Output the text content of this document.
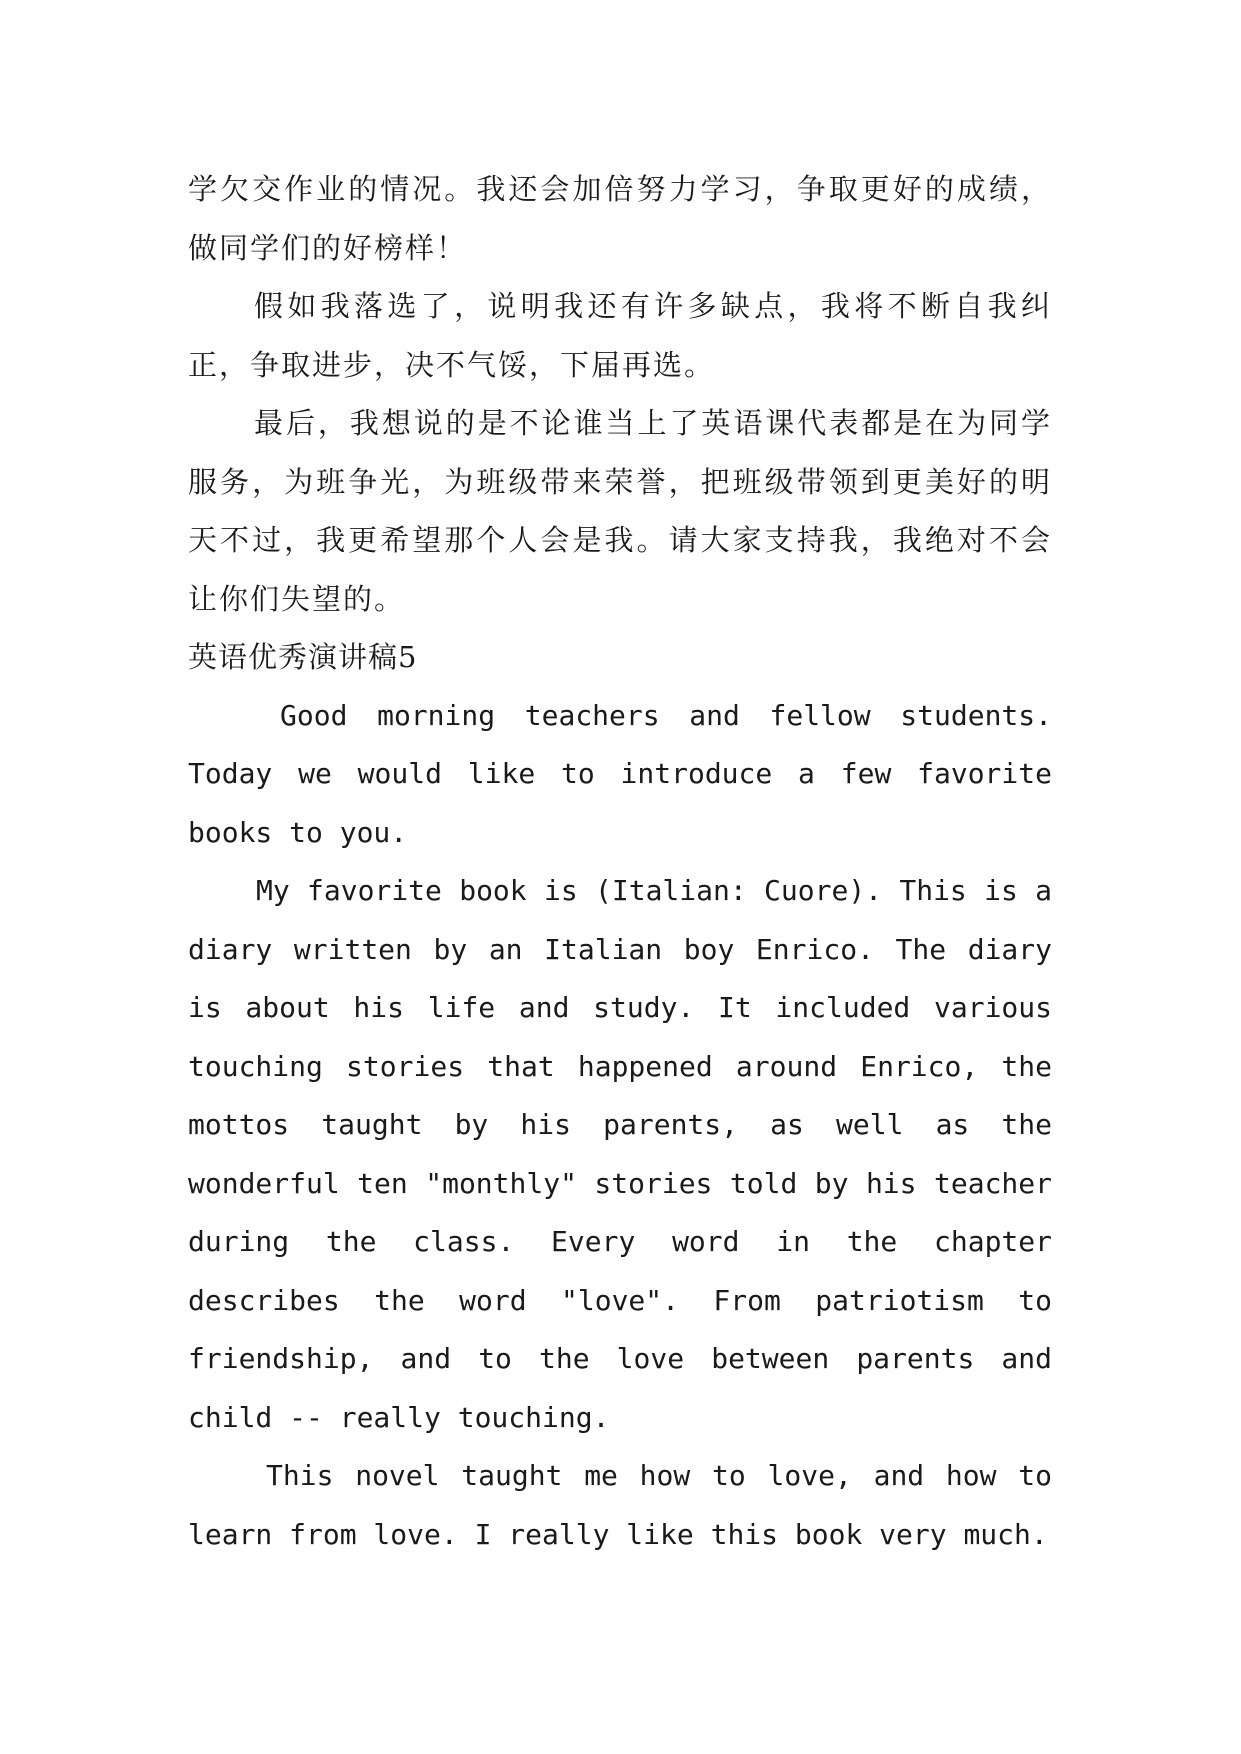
学欠交作业的情况。我还会加倍努力学习，争取更好的成绩，做同学们的好榜样！

假如我落选了，说明我还有许多缺点，我将不断自我纠正，争取进步，决不气馁，下届再选。

最后，我想说的是不论谁当上了英语课代表都是在为同学服务，为班争光，为班级带来荣誉，把班级带领到更美好的明天不过，我更希望那个人会是我。请大家支持我，我绝对不会让你们失望的。

英语优秀演讲稿5

Good morning teachers and fellow students. Today we would like to introduce a few favorite books to you.

My favorite book is (Italian: Cuore). This is a diary written by an Italian boy Enrico. The diary is about his life and study. It included various touching stories that happened around Enrico, the mottos taught by his parents, as well as the wonderful ten "monthly" stories told by his teacher during the class. Every word in the chapter describes the word "love". From patriotism to friendship, and to the love between parents and child -- really touching.

This novel taught me how to love, and how to learn from love. I really like this book very much.
